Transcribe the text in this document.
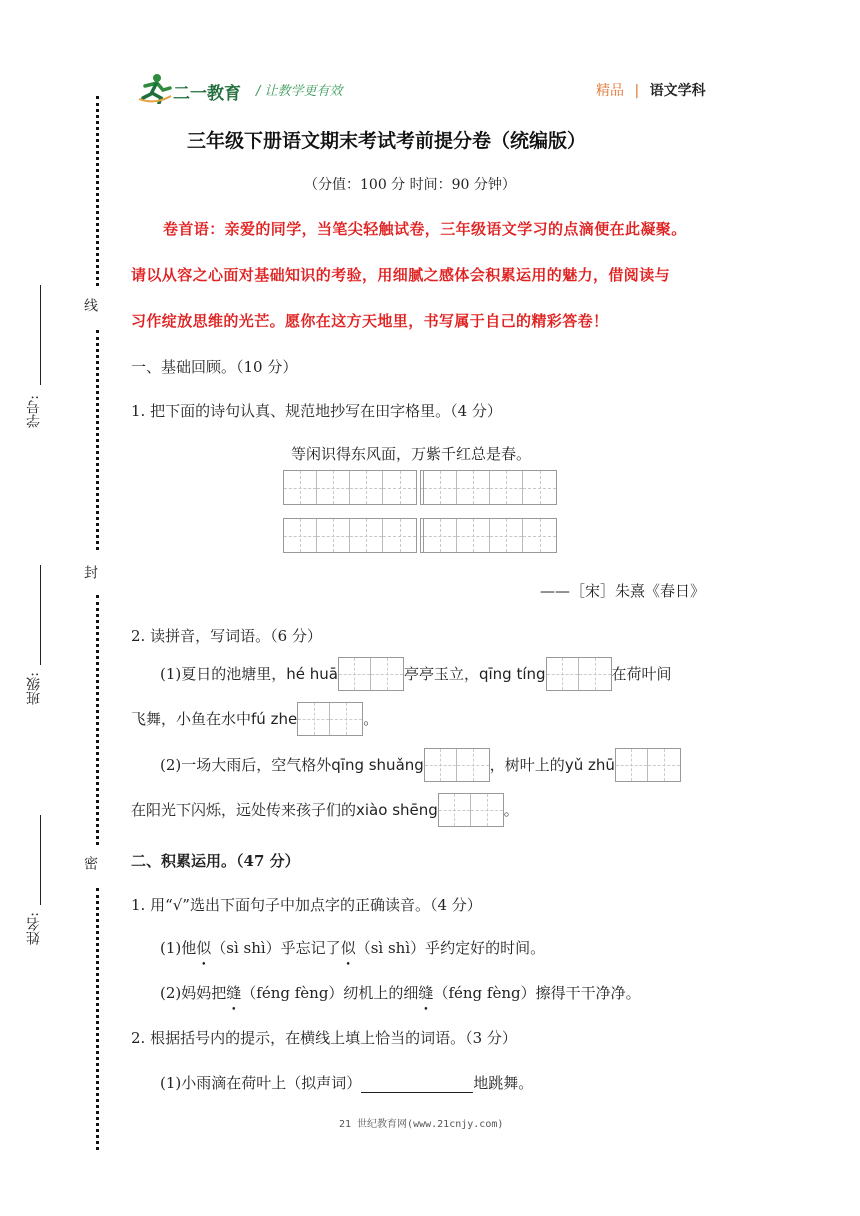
二一教育 / 让教学更有效	精品 | 语文学科
线
封
密
学号:
班级:
姓名:
三年级下册语文期末考试考前提分卷（统编版）
（分值：100 分 时间：90 分钟）
卷首语：亲爱的同学，当笔尖轻触试卷，三年级语文学习的点滴便在此凝聚。
请以从容之心面对基础知识的考验，用细腻之感体会积累运用的魅力，借阅读与
习作绽放思维的光芒。愿你在这方天地里，书写属于自己的精彩答卷！
一、基础回顾。（10 分）
1. 把下面的诗句认真、规范地抄写在田字格里。（4 分）
等闲识得东风面，万紫千红总是春。
——［宋］朱熹《春日》
2. 读拼音，写词语。（6 分）
(1)夏日的池塘里，hé huā	亭亭玉立，qīng tíng	在荷叶间
飞舞，小鱼在水中fú zhe	。
(2)一场大雨后，空气格外qīng shuǎng	，树叶上的yǔ zhū
在阳光下闪烁，远处传来孩子们的xiào shēng	。
二、积累运用。（47 分）
1. 用“√”选出下面句子中加点字的正确读音。（4 分）
(1)他似（sì shì）乎忘记了似（sì shì）乎约定好的时间。
(2)妈妈把缝（féng fèng）纫机上的细缝（féng fèng）擦得干干净净。
2. 根据括号内的提示，在横线上填上恰当的词语。（3 分）
(1)小雨滴在荷叶上（拟声词）	地跳舞。
21 世纪教育网(www.21cnjy.com)
